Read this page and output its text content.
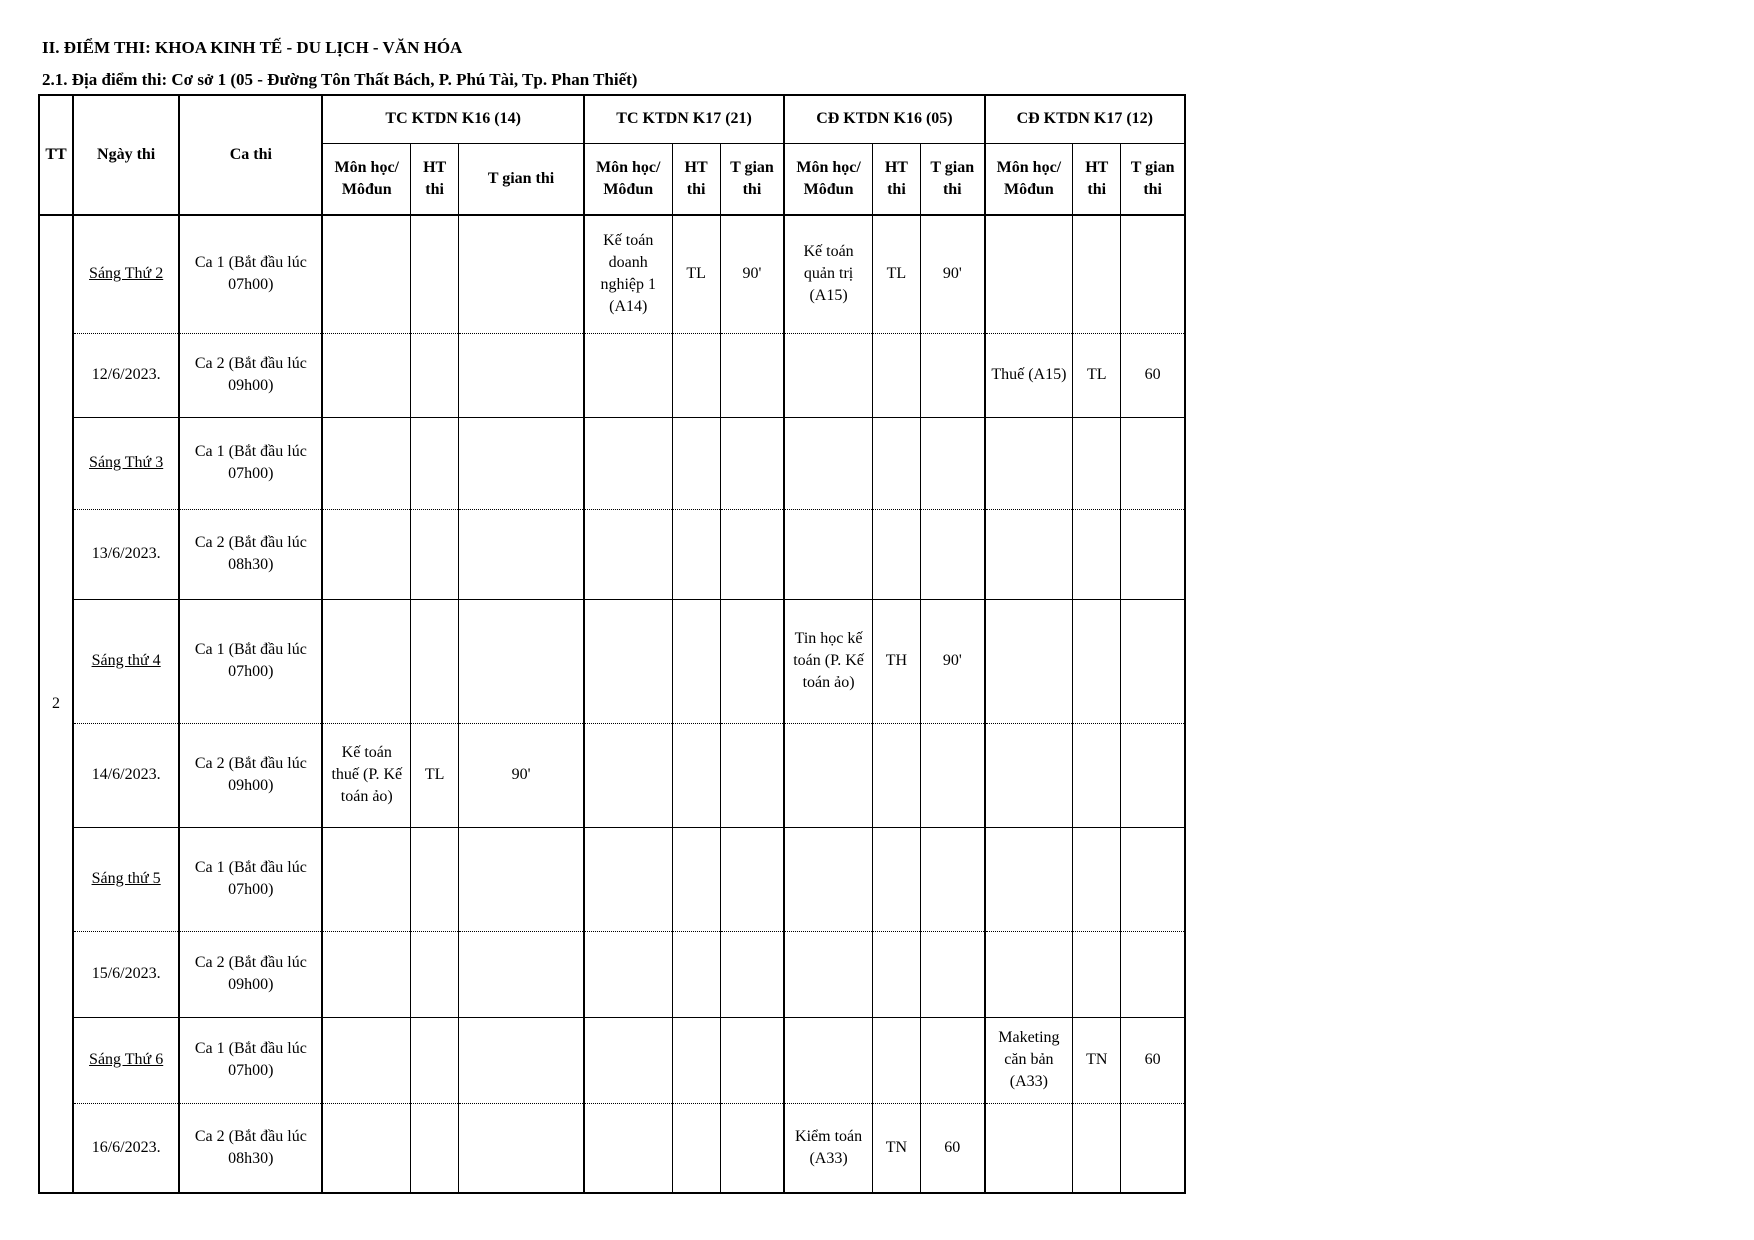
II. ĐIỂM THI: KHOA KINH TẾ - DU LỊCH - VĂN HÓA
2.1. Địa điểm thi: Cơ sở 1 (05 - Đường Tôn Thất Bách, P. Phú Tài, Tp. Phan Thiết)
TT	Ngày thi	Ca thi	TC KTDN K16 (14)			TC KTDN K17 (21)			CĐ KTDN K16 (05)			CĐ KTDN K17 (12)		
			Môn học/ Môđun	HT thi	T gian thi	Môn học/ Môđun	HT thi	T gian thi	Môn học/ Môđun	HT thi	T gian thi	Môn học/ Môđun	HT thi	T gian thi
2	Sáng Thứ 2	Ca 1 (Bắt đầu lúc 07h00)				Kế toán doanh nghiệp 1 (A14)	TL	90'	Kế toán quản trị (A15)	TL	90'			
	12/6/2023.	Ca 2 (Bắt đầu lúc 09h00)										Thuế (A15)	TL	60
	Sáng Thứ 3	Ca 1 (Bắt đầu lúc 07h00)												
	13/6/2023.	Ca 2 (Bắt đầu lúc 08h30)												
	Sáng thứ 4	Ca 1 (Bắt đầu lúc 07h00)							Tin học kế toán (P. Kế toán ảo)	TH	90'			
	14/6/2023.	Ca 2 (Bắt đầu lúc 09h00)	Kế toán thuế (P. Kế toán ảo)	TL	90'									
	Sáng thứ 5	Ca 1 (Bắt đầu lúc 07h00)												
	15/6/2023.	Ca 2 (Bắt đầu lúc 09h00)												
	Sáng Thứ 6	Ca 1 (Bắt đầu lúc 07h00)										Maketing căn bản (A33)	TN	60
	16/6/2023.	Ca 2 (Bắt đầu lúc 08h30)							Kiểm toán (A33)	TN	60			
